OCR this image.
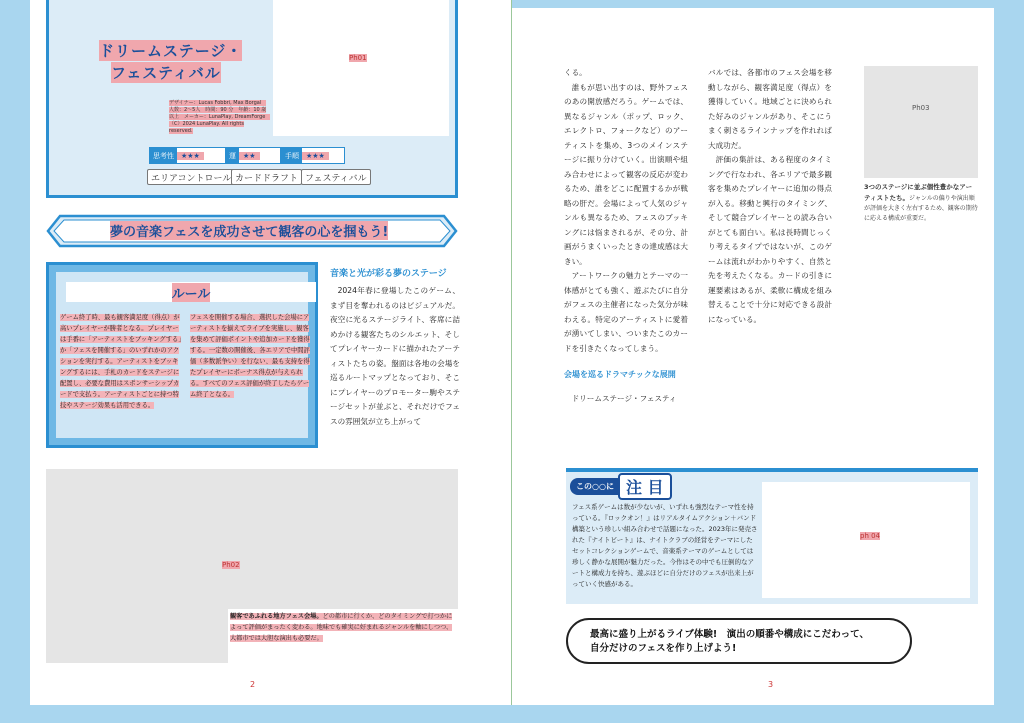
ドリームステージ・
フェスティバル
デザイナー：Lucas Fobbri, Max Borgal　人数：2〜5人　時間：90 分　年齢：10 歳以上　メーカー：LunaPlay, DreamForge　（C）2024 LunaPlay. All rights reserved.
Ph01
思考性	★★★	運	★★	手順	★★★
エリアコントロール カードドラフト フェスティバル
夢の音楽フェスを成功させて観客の心を掴もう!
ルール
ゲーム終了時、最も観客満足度（得点）が高いプレイヤーが勝者となる。プレイヤーは手番に「アーティストをブッキングする」か「フェスを開催する」のいずれかのアクションを実行する。アーティストをブッキングするには、手札のカードをステージに配置し、必要な費用はスポンサーシップカードで支払う。アーティストごとに持つ特技やステージ効果も活用できる。
フェスを開催する場合、選択した会場にアーティストを揃えてライブを実施し、観客を集めて評価ポイントや追加カードを獲得する。一定数の開催後、各エリアで中間評価（多数派争い）を行ない、最も支持を得たプレイヤーにボーナス得点が与えられる。すべてのフェス評価が終了したらゲーム終了となる。
音楽と光が彩る夢のステージ
2024年春に登場したこのゲーム、まず目を奪われるのはビジュアルだ。夜空に光るステージライト、客席に詰めかける観客たちのシルエット、そしてプレイヤーカードに描かれたアーティストたちの姿。盤面は各地の会場を巡るルートマップとなっており、そこにプレイヤーのプロモーター駒やステージセットが並ぶと、それだけでフェスの雰囲気が立ち上がって
Ph02
観客であふれる地方フェス会場。どの都市に行くか、どのタイミングで打つかによって評価がまったく変わる。地味でも確実に好まれるジャンルを軸にしつつ、大都市では大胆な演出も必要だ。
2

くる。

誰もが思い出すのは、野外フェスのあの開放感だろう。ゲームでは、異なるジャンル（ポップ、ロック、エレクトロ、フォークなど）のアーティストを集め、3つのメインステージに振り分けていく。出演順や組み合わせによって観客の反応が変わるため、誰をどこに配置するかが戦略の肝だ。会場によって人気のジャンルも異なるため、フェスのブッキングには悩まされるが、その分、計画がうまくいったときの達成感は大きい。

アートワークの魅力とテーマの一体感がとても強く、遊ぶたびに自分がフェスの主催者になった気分が味わえる。特定のアーティストに愛着が湧いてしまい、ついまたこのカードを引きたくなってしまう。

会場を巡るドラマチックな展開

ドリームステージ・フェスティ

バルでは、各都市のフェス会場を移動しながら、観客満足度（得点）を獲得していく。地域ごとに決められた好みのジャンルがあり、そこにうまく刺さるラインナップを作れれば大成功だ。

評価の集計は、ある程度のタイミングで行なわれ、各エリアで最多観客を集めたプレイヤーに追加の得点が入る。移動と興行のタイミング、そして競合プレイヤーとの読み合いがとても面白い。私は長時間じっくり考えるタイプではないが、このゲームは流れがわかりやすく、自然と先を考えたくなる。カードの引きに運要素はあるが、柔軟に構成を組み替えることで十分に対応できる設計になっている。

Ph03
3つのステージに並ぶ個性豊かなアーティストたち。ジャンルの偏りや演出順が評価を大きく左右するため、観客の期待に応える構成が重要だ。
この○○に 注 目
フェス系ゲームは数が少ないが、いずれも強烈なテーマ性を持っている。『ロックオン！』はリアルタイムアクション＋バンド構築という珍しい組み合わせで話題になった。2023年に発売された『ナイトビート』は、ナイトクラブの経営をテーマにしたセットコレクションゲームで、音楽系テーマのゲームとしては珍しく静かな展開が魅力だった。今作はその中でも圧倒的なアートと構成力を持ち、遊ぶほどに自分だけのフェスが出来上がっていく快感がある。
ph 04
最高に盛り上がるライブ体験!　演出の順番や構成にこだわって、
自分だけのフェスを作り上げよう!
3
